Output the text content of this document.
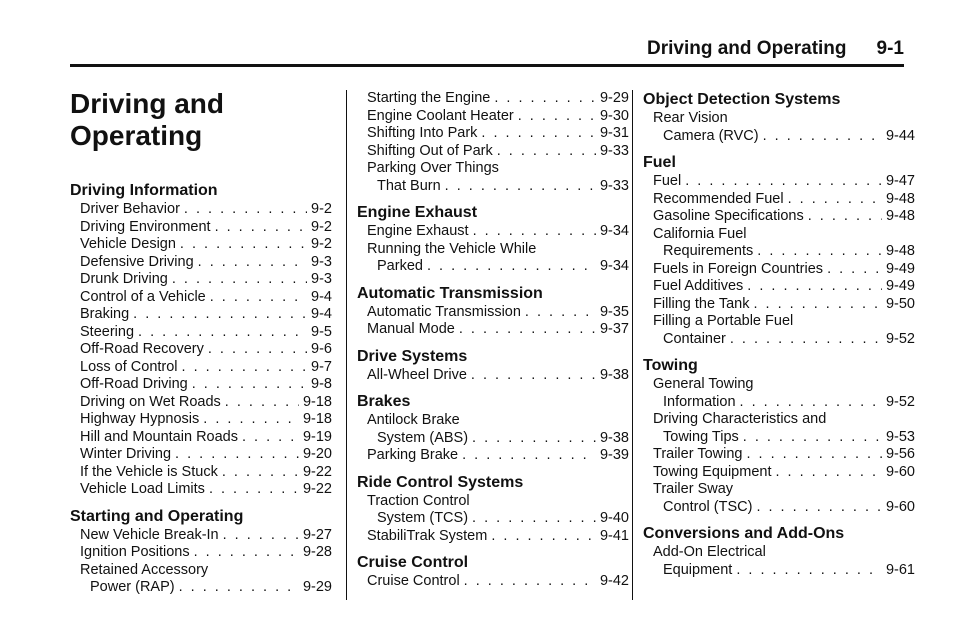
Driving and Operating 9-1
Driving and
Operating
Driving Information
Driver Behavior . . .	9-2
Driving Environment . . .	9-2
Vehicle Design . . .	9-2
Defensive Driving . . .	9-3
Drunk Driving . . .	9-3
Control of a Vehicle . . .	9-4
Braking . . .	9-4
Steering . . .	9-5
Off-Road Recovery . . .	9-6
Loss of Control . . .	9-7
Off-Road Driving . . .	9-8
Driving on Wet Roads . . .	9-18
Highway Hypnosis . . .	9-18
Hill and Mountain Roads . . .	9-19
Winter Driving . . .	9-20
If the Vehicle is Stuck . . .	9-22
Vehicle Load Limits . . .	9-22
Starting and Operating
New Vehicle Break-In . . .	9-27
Ignition Positions . . .	9-28
Retained Accessory
Power (RAP) . . .	9-29
Starting the Engine . . .	9-29
Engine Coolant Heater . . .	9-30
Shifting Into Park . . .	9-31
Shifting Out of Park . . .	9-33
Parking Over Things
That Burn . . .	9-33
Engine Exhaust
Engine Exhaust . . .	9-34
Running the Vehicle While
Parked . . .	9-34
Automatic Transmission
Automatic Transmission . . .	9-35
Manual Mode . . .	9-37
Drive Systems
All-Wheel Drive . . .	9-38
Brakes
Antilock Brake
System (ABS) . . .	9-38
Parking Brake . . .	9-39
Ride Control Systems
Traction Control
System (TCS) . . .	9-40
StabiliTrak System . . .	9-41
Cruise Control
Cruise Control . . .	9-42
Object Detection Systems
Rear Vision
Camera (RVC) . . .	9-44
Fuel
Fuel . . .	9-47
Recommended Fuel . . .	9-48
Gasoline Specifications . . .	9-48
California Fuel
Requirements . . .	9-48
Fuels in Foreign Countries . . .	9-49
Fuel Additives . . .	9-49
Filling the Tank . . .	9-50
Filling a Portable Fuel
Container . . .	9-52
Towing
General Towing
Information . . .	9-52
Driving Characteristics and
Towing Tips . . .	9-53
Trailer Towing . . .	9-56
Towing Equipment . . .	9-60
Trailer Sway
Control (TSC) . . .	9-60
Conversions and Add-Ons
Add-On Electrical
Equipment . . .	9-61
